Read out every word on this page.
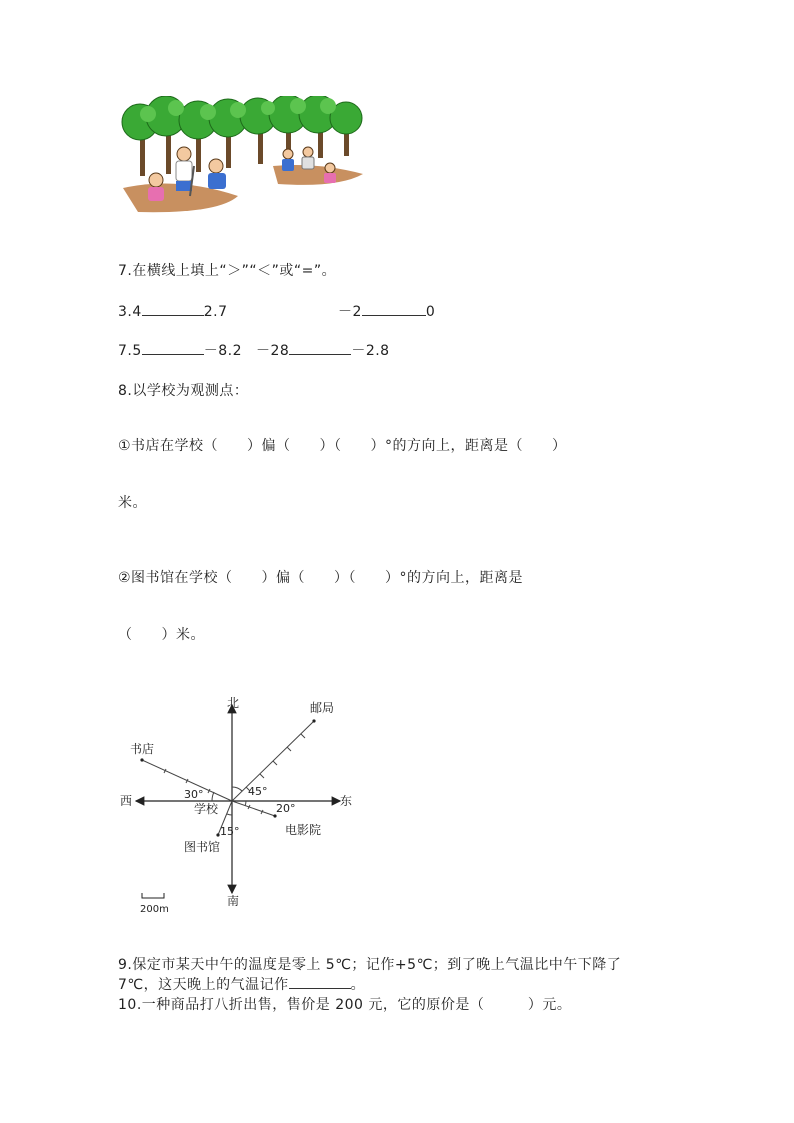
7.在横线上填上“＞”“＜”或“=”。
3.4	2.7	－2	0
7.5	－8.2 －28	－2.8
8.以学校为观测点：
①书店在学校（　　）偏（　　）（　　）°的方向上，距离是（　　）
米。
②图书馆在学校（　　）偏（　　）（　　）°的方向上，距离是
（　　）米。
北
南
西	东
学校
邮局
书店
电影院
图书馆
30°	45°
20°
15°
200m
9.保定市某天中午的温度是零上 5℃；记作+5℃；到了晚上气温比中午下降了
7℃，这天晚上的气温记作	。
10.一种商品打八折出售，售价是 200 元，它的原价是（　　　）元。
